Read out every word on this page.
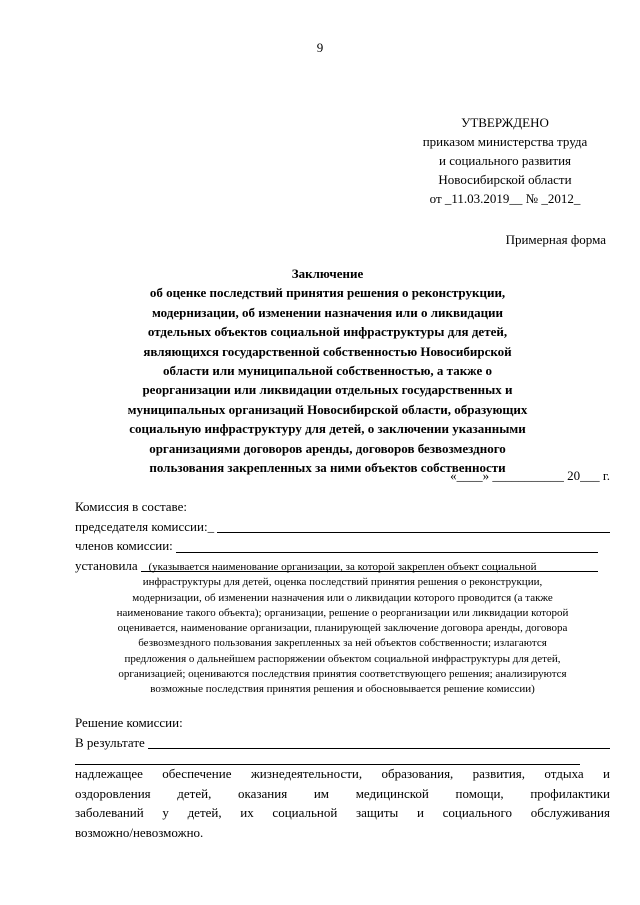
9
УТВЕРЖДЕНО
приказом министерства труда
и социального развития
Новосибирской области
от _11.03.2019__ № _2012_
Примерная форма
Заключение
об оценке последствий принятия решения о реконструкции,
модернизации, об изменении назначения или о ликвидации
отдельных объектов социальной инфраструктуры для детей,
являющихся государственной собственностью Новосибирской
области или муниципальной собственностью, а также о
реорганизации или ликвидации отдельных государственных и
муниципальных организаций Новосибирской области, образующих
социальную инфраструктуру для детей, о заключении указанными
организациями договоров аренды, договоров безвозмездного
пользования закрепленных за ними объектов собственности
«____» ___________ 20___ г.
Комиссия в составе:
председателя комиссии:_
членов комиссии:
установила (указывается наименование организации, за которой закреплен объект социальной
инфраструктуры для детей, оценка последствий принятия решения о реконструкции,
модернизации, об изменении назначения или о ликвидации которого проводится (а также
наименование такого объекта); организации, решение о реорганизации или ликвидации которой
оценивается, наименование организации, планирующей заключение договора аренды, договора
безвозмездного пользования закрепленных за ней объектов собственности; излагаются
предложения о дальнейшем распоряжении объектом социальной инфраструктуры для детей,
организацией; оцениваются последствия принятия соответствующего решения; анализируются
возможные последствия принятия решения и обосновывается решение комиссии)
Решение комиссии:
В результате
надлежащее обеспечение жизнедеятельности, образования, развития, отдыха и
оздоровления детей, оказания им медицинской помощи, профилактики
заболеваний у детей, их социальной защиты и социального обслуживания
возможно/невозможно.
